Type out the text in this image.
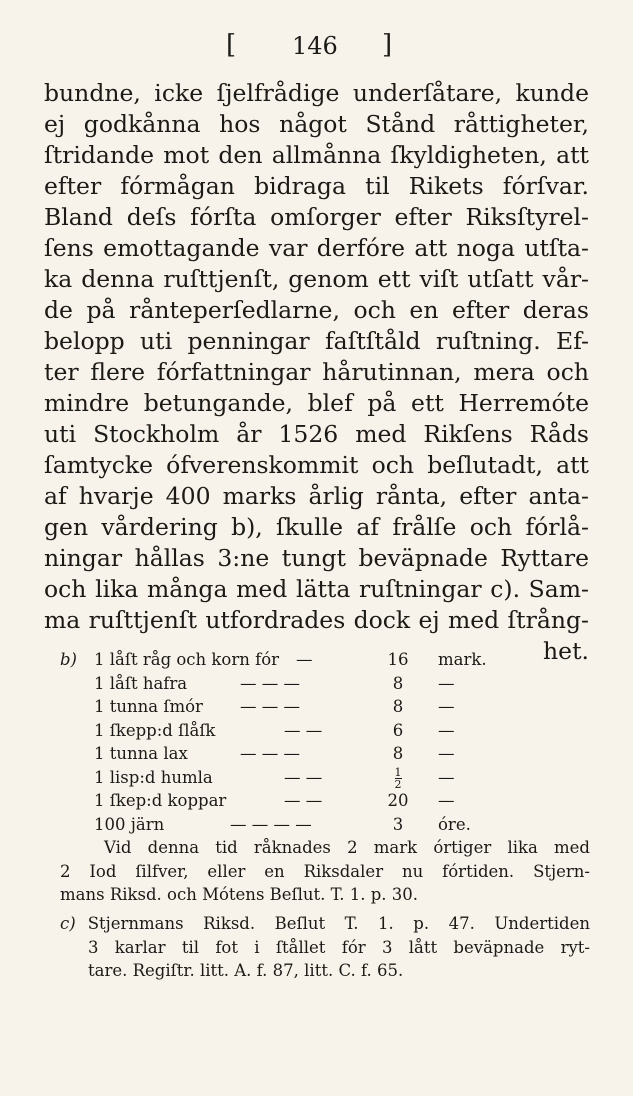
[ 146 ]
bundne, icke ſjelfrådige underſåtare, kunde
ej godkånna hos något Stånd råttigheter,
ſtridande mot den allmånna ſkyldigheten, att
efter fórmågan bidraga til Rikets fórſvar.
Bland deſs fórſta omſorger efter Riksſtyrel-
ſens emottagande var derfóre att noga utſta-
ka denna ruſttjenſt, genom ett viſt utſatt vår-
de på rånteperſedlarne, och en efter deras
belopp uti penningar faſtſtåld ruſtning. Ef-
ter flere fórfattningar hårutinnan, mera och
mindre betungande, blef på ett Herremóte
uti Stockholm år 1526 med Rikſens Råds
ſamtycke ófverenskommit och beſlutadt, att
af hvarje 400 marks årlig rånta, efter anta-
gen vårdering b), ſkulle af frålſe och fórlå-
ningar hållas 3:ne tungt beväpnade Ryttare
och lika många med lätta ruſtningar c). Sam-
ma ruſttjenſt utfordrades dock ej med ſtrång-
het.
b)	1 låſt råg och korn fór —	16	mark.
1 låſt hafra	— — —	8	—
1 tunna ſmór — — —	8	—
1 ſkepp:d ſlåſk	— —	6	—
1 tunna lax	— — —	8	—
1 lisp:d humla	— —	$\frac{1}{2}$ —
1 ſkep:d koppar	— —	20	—
100 järn	— — — —	3	óre.
Vid denna tid råknades 2 mark órtiger lika med
2 Iod ſilfver, eller en Riksdaler nu fórtiden. Stjern-
mans Riksd. och Mótens Beſlut. T. 1. p. 30.
c) Stjernmans Riksd. Beſlut T. 1. p. 47. Undertiden
3 karlar til fot i ſtållet fór 3 lått beväpnade ryt-
tare. Regiſtr. litt. A. f. 87, litt. C. f. 65.
